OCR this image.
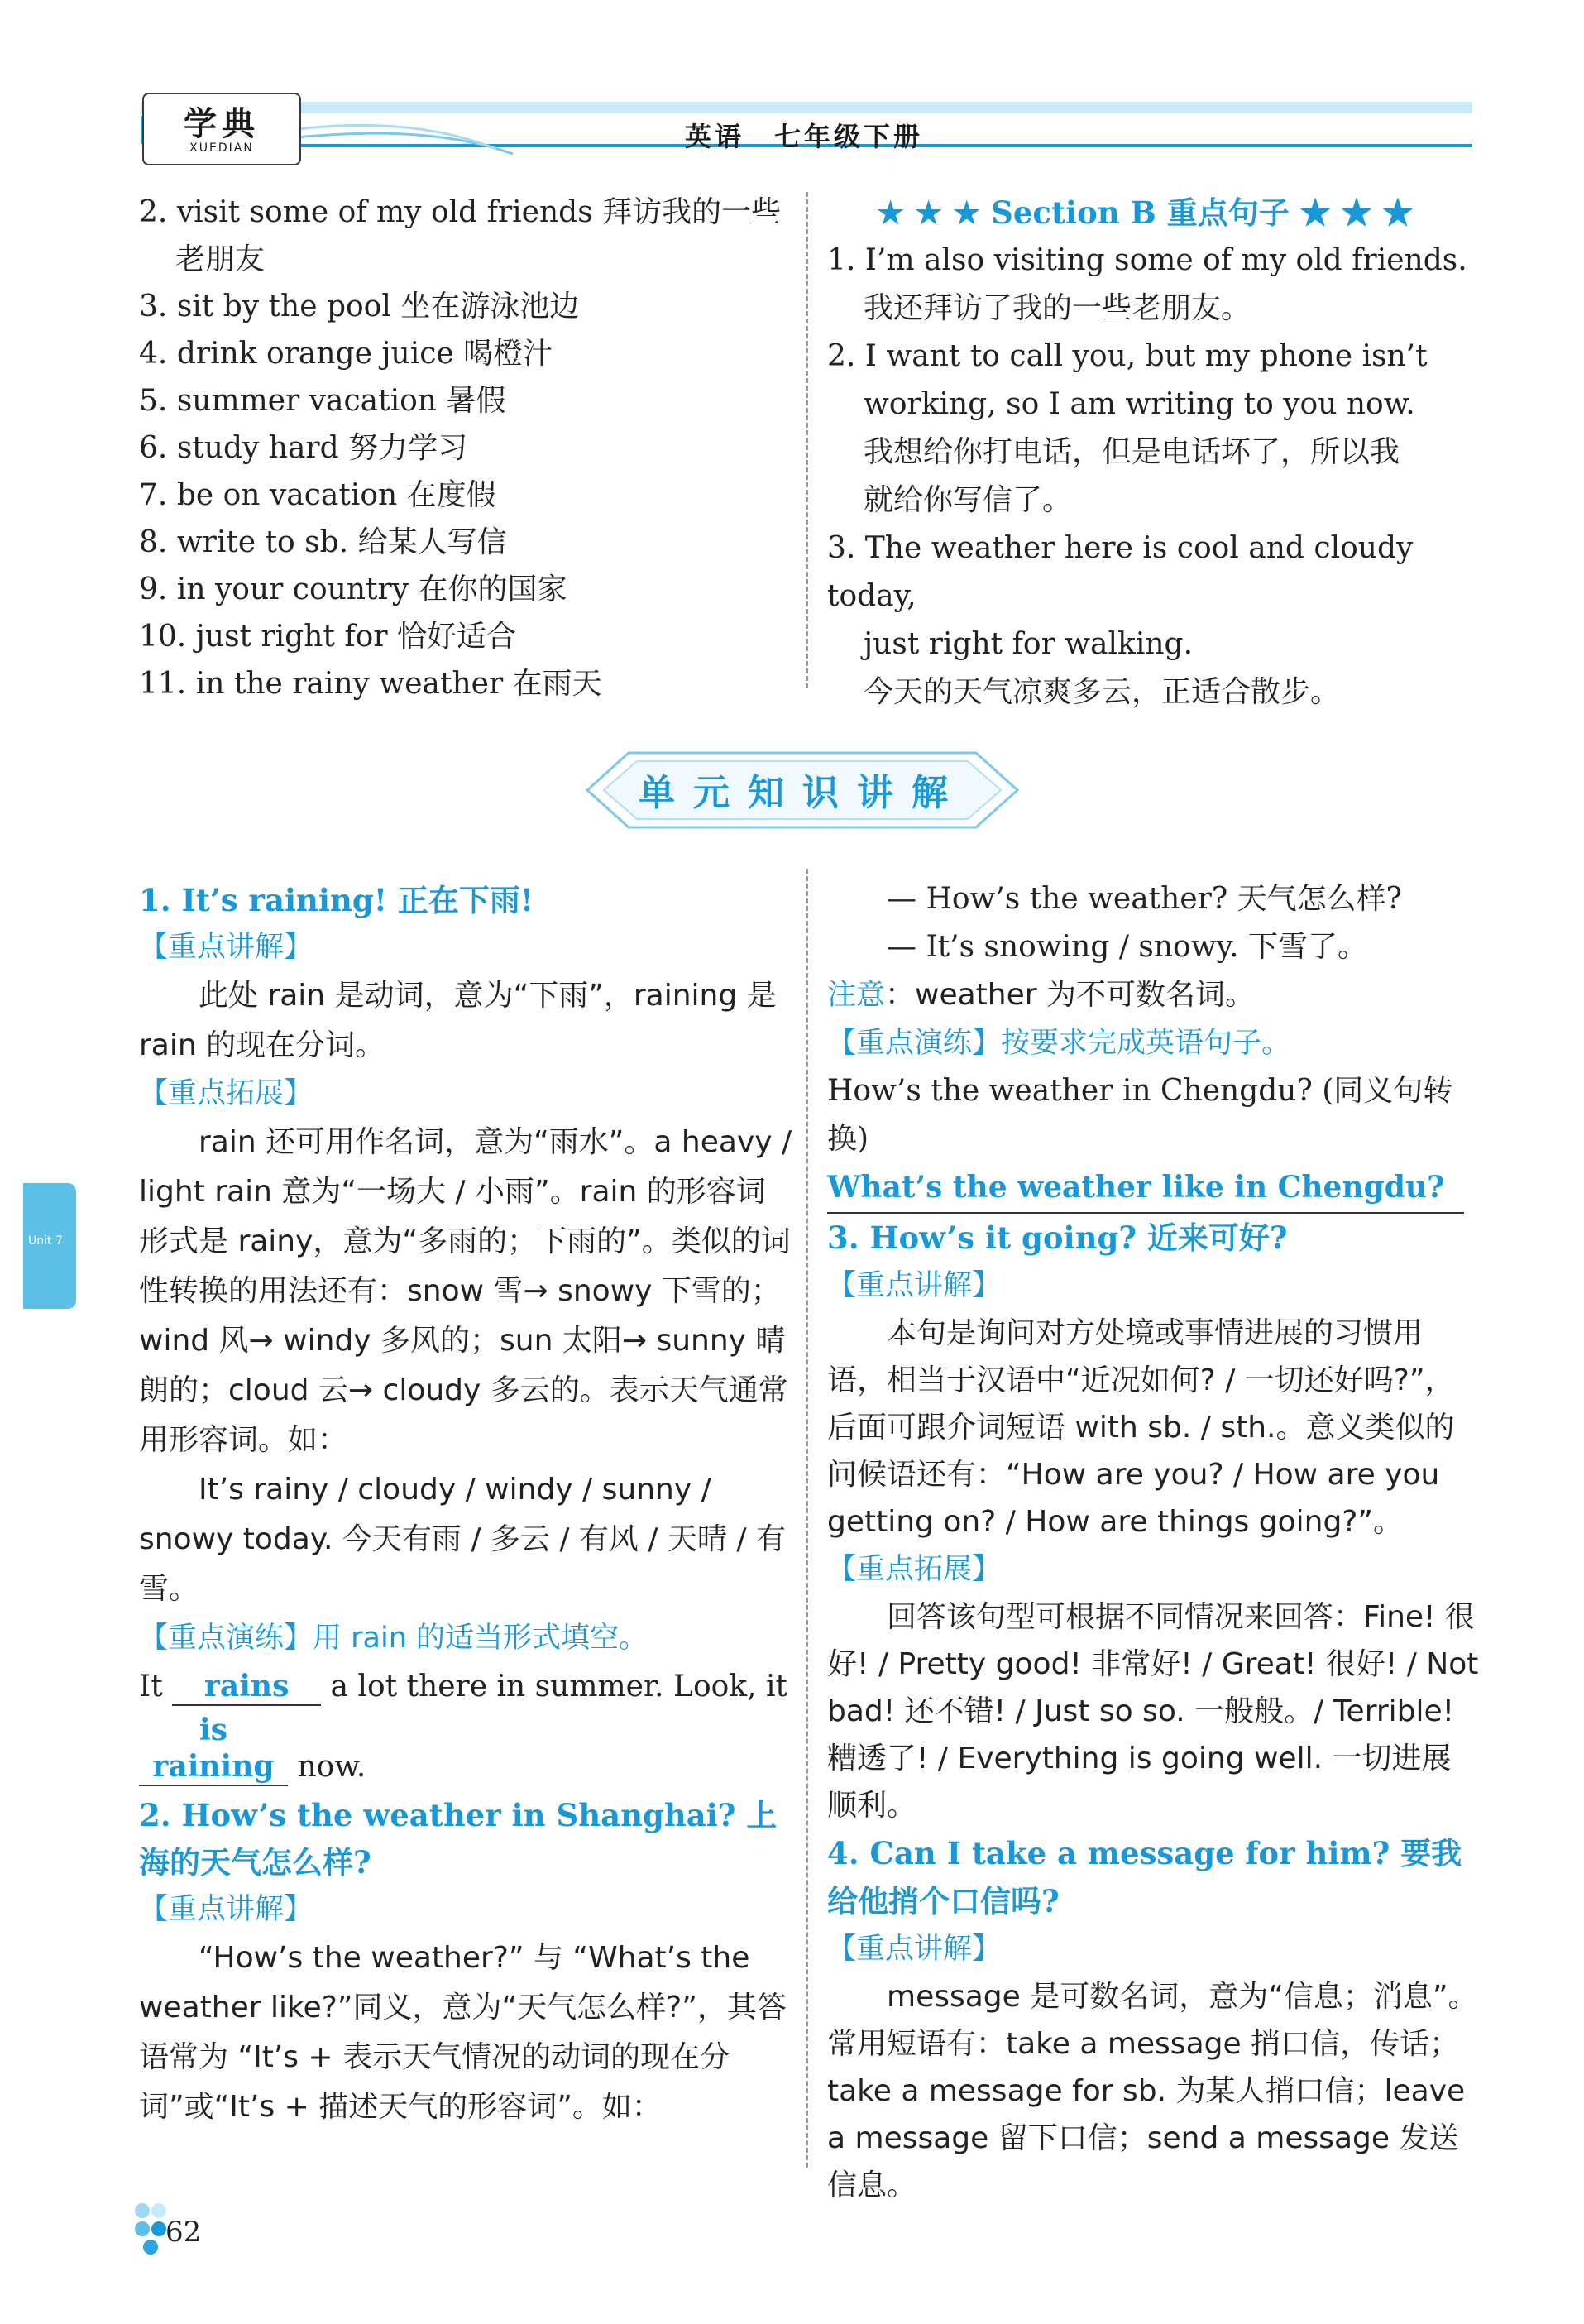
学典
XUEDIAN	英语　七年级下册
2. visit some of my old friends 拜访我的一些老朋友
3. sit by the pool 坐在游泳池边
4. drink orange juice 喝橙汁
5. summer vacation 暑假
6. study hard 努力学习
7. be on vacation 在度假
8. write to sb. 给某人写信
9. in your country 在你的国家
10. just right for 恰好适合
11. in the rainy weather 在雨天
★ ★ ★ Section B 重点句子 ★ ★ ★
1. I’m also visiting some of my old friends.
我还拜访了我的一些老朋友。
2. I want to call you, but my phone isn’t
working, so I am writing to you now.
我想给你打电话，但是电话坏了，所以我
就给你写信了。
3. The weather here is cool and cloudy today,
just right for walking.
今天的天气凉爽多云，正适合散步。
单元知识讲解
Unit 7
1. It’s raining! 正在下雨!
【重点讲解】
此处 rain 是动词，意为“下雨”，raining 是 rain 的现在分词。
【重点拓展】
rain 还可用作名词，意为“雨水”。a heavy / light rain 意为“一场大 / 小雨”。rain 的形容词形式是 rainy，意为“多雨的；下雨的”。类似的词性转换的用法还有：snow 雪→ snowy 下雪的；wind 风→ windy 多风的；sun 太阳→ sunny 晴朗的；cloud 云→ cloudy 多云的。表示天气通常用形容词。如：
It’s rainy / cloudy / windy / sunny / snowy today. 今天有雨 / 多云 / 有风 / 天晴 / 有雪。
【重点演练】用 rain 的适当形式填空。
It rains a lot there in summer. Look, it is raining now.
2. How’s the weather in Shanghai? 上海的天气怎么样?
【重点讲解】
“How’s the weather?” 与 “What’s the weather like?”同义，意为“天气怎么样?”，其答语常为 “It’s + 表示天气情况的动词的现在分词”或“It’s + 描述天气的形容词”。如：
— How’s the weather? 天气怎么样?
— It’s snowing / snowy. 下雪了。
注意：weather 为不可数名词。
【重点演练】按要求完成英语句子。
How’s the weather in Chengdu? (同义句转换)
What’s the weather like in Chengdu?
3. How’s it going? 近来可好?
【重点讲解】
本句是询问对方处境或事情进展的习惯用语，相当于汉语中“近况如何? / 一切还好吗?”，后面可跟介词短语 with sb. / sth.。意义类似的问候语还有：“How are you? / How are you getting on? / How are things going?”。
【重点拓展】
回答该句型可根据不同情况来回答：Fine! 很好! / Pretty good! 非常好! / Great! 很好! / Not bad! 还不错! / Just so so. 一般般。/ Terrible! 糟透了! / Everything is going well. 一切进展顺利。
4. Can I take a message for him? 要我给他捎个口信吗?
【重点讲解】
message 是可数名词，意为“信息；消息”。常用短语有：take a message 捎口信，传话；take a message for sb. 为某人捎口信；leave a message 留下口信；send a message 发送信息。
62
